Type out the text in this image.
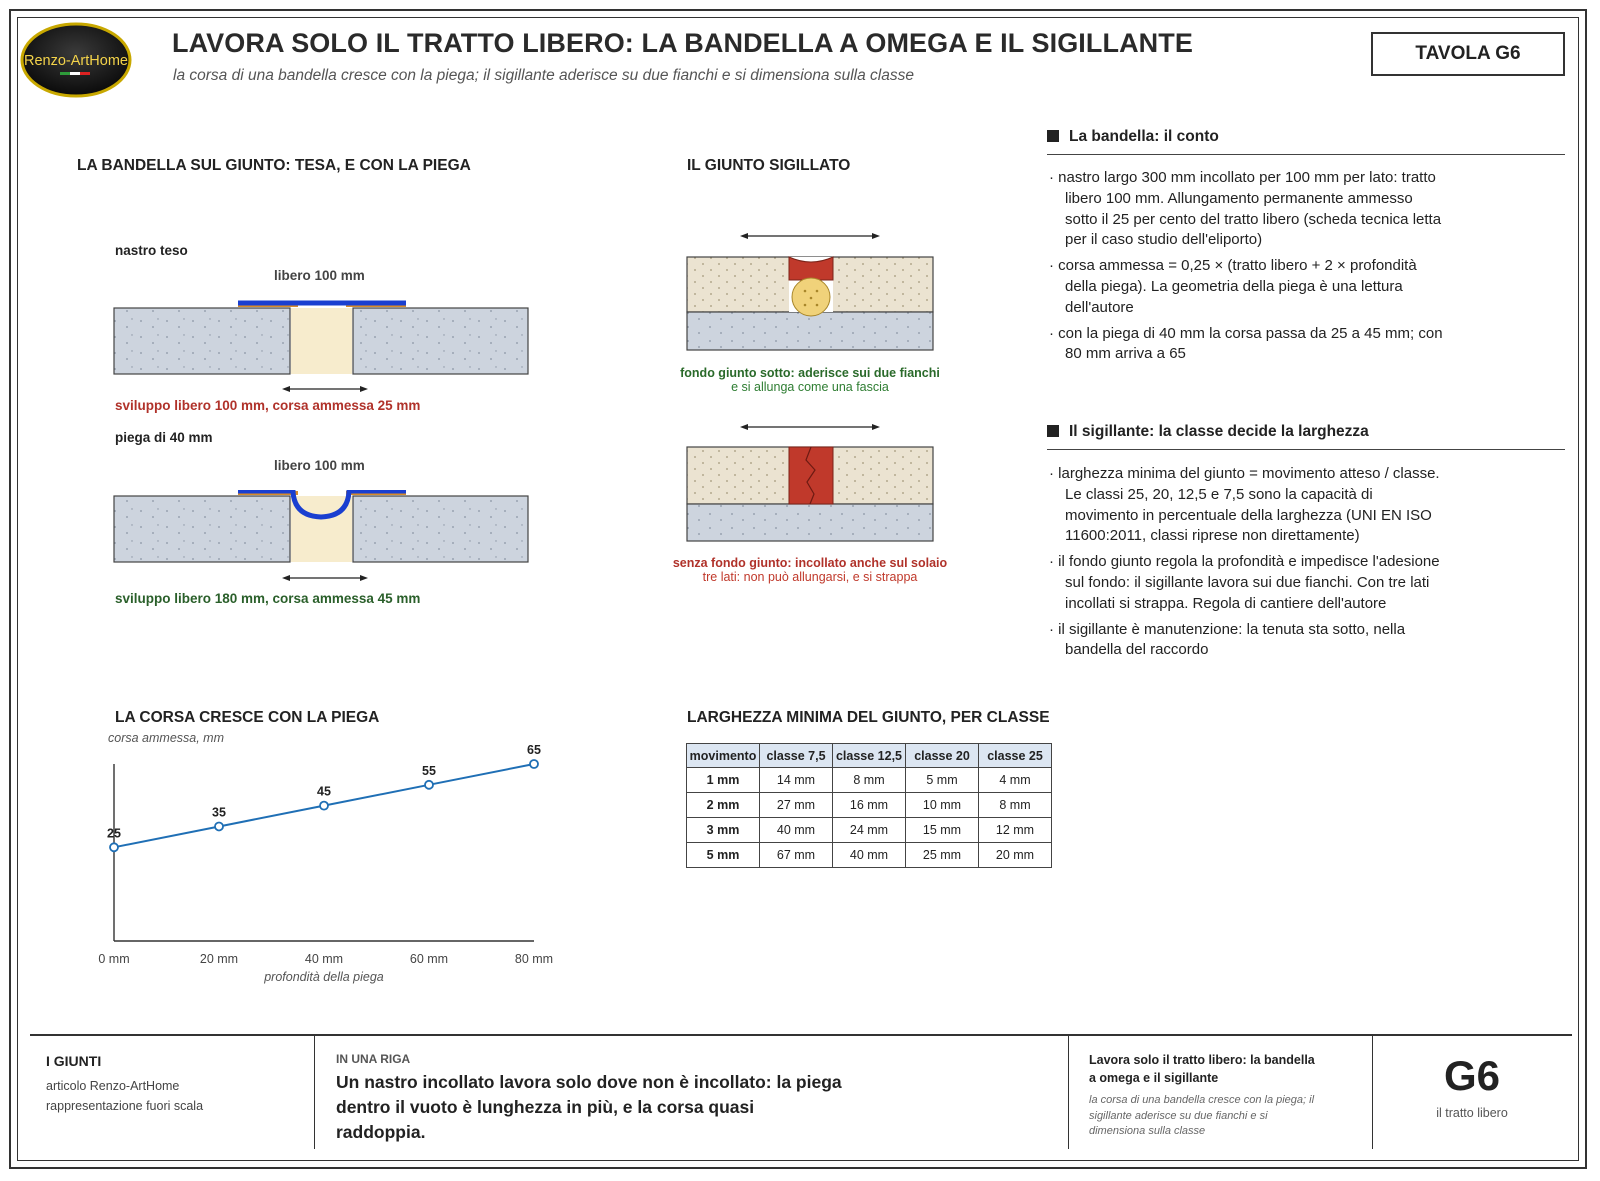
Renzo-ArtHome
LAVORA SOLO IL TRATTO LIBERO: LA BANDELLA A OMEGA E IL SIGILLANTE
la corsa di una bandella cresce con la piega; il sigillante aderisce su due fianchi e si dimensiona sulla classe
TAVOLA G6
LA BANDELLA SUL GIUNTO: TESA, E CON LA PIEGA
nastro teso
libero 100 mm
sviluppo libero 100 mm, corsa ammessa 25 mm
piega di 40 mm
libero 100 mm
sviluppo libero 180 mm, corsa ammessa 45 mm
IL GIUNTO SIGILLATO
fondo giunto sotto: aderisce sui due fianchi
e si allunga come una fascia
senza fondo giunto: incollato anche sul solaio
tre lati: non può allungarsi, e si strappa
La bandella: il conto
· nastro largo 300 mm incollato per 100 mm per lato: tratto libero 100 mm. Allungamento permanente ammesso sotto il 25 per cento del tratto libero (scheda tecnica letta per il caso studio dell'eliporto)
· corsa ammessa = 0,25 × (tratto libero + 2 × profondità della piega). La geometria della piega è una lettura dell'autore
· con la piega di 40 mm la corsa passa da 25 a 45 mm; con 80 mm arriva a 65
Il sigillante: la classe decide la larghezza
· larghezza minima del giunto = movimento atteso / classe. Le classi 25, 20, 12,5 e 7,5 sono la capacità di movimento in percentuale della larghezza (UNI EN ISO 11600:2011, classi riprese non direttamente)
· il fondo giunto regola la profondità e impedisce l'adesione sul fondo: il sigillante lavora sui due fianchi. Con tre lati incollati si strappa. Regola di cantiere dell'autore
· il sigillante è manutenzione: la tenuta sta sotto, nella bandella del raccordo
LA CORSA CRESCE CON LA PIEGA
corsa ammessa, mm
0 mm	20 mm	40 mm	60 mm	80 mm
25
35
45
55
65
profondità della piega
LARGHEZZA MINIMA DEL GIUNTO, PER CLASSE
movimento	classe 7,5	classe 12,5	classe 20	classe 25
1 mm	14 mm	8 mm	5 mm	4 mm
2 mm	27 mm	16 mm	10 mm	8 mm
3 mm	40 mm	24 mm	15 mm	12 mm
5 mm	67 mm	40 mm	25 mm	20 mm
I GIUNTI
articolo Renzo-ArtHome
rappresentazione fuori scala
IN UNA RIGA
Un nastro incollato lavora solo dove non è incollato: la piega dentro il vuoto è lunghezza in più, e la corsa quasi raddoppia.
Lavora solo il tratto libero: la bandella a omega e il sigillante
la corsa di una bandella cresce con la piega; il sigillante aderisce su due fianchi e si dimensiona sulla classe
G6
il tratto libero
